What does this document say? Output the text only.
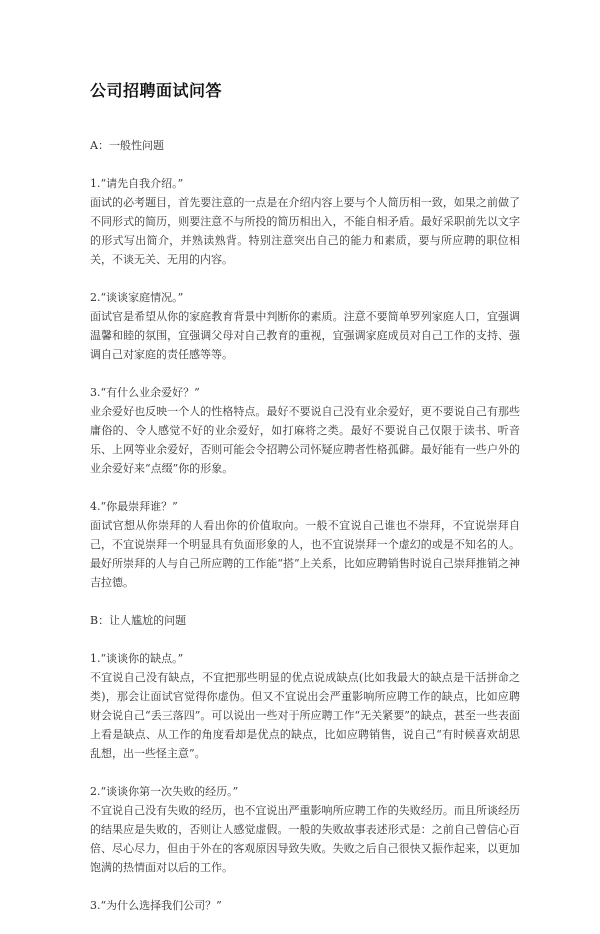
公司招聘面试问答
A：一般性问题
1.“请先自我介绍。”
面试的必考题目，首先要注意的一点是在介绍内容上要与个人简历相一致，如果之前做了不同形式的简历，则要注意不与所投的简历相出入，不能自相矛盾。最好采职前先以文字的形式写出简介，并熟读熟背。特别注意突出自己的能力和素质，要与所应聘的职位相关，不谈无关、无用的内容。
2.“谈谈家庭情况。”
面试官是希望从你的家庭教育背景中判断你的素质。注意不要简单罗列家庭人口，宜强调温馨和睦的氛围，宜强调父母对自己教育的重视，宜强调家庭成员对自己工作的支持、强调自己对家庭的责任感等等。
3.“有什么业余爱好？”
业余爱好也反映一个人的性格特点。最好不要说自己没有业余爱好，更不要说自己有那些庸俗的、令人感觉不好的业余爱好，如打麻将之类。最好不要说自己仅限于读书、听音乐、上网等业余爱好，否则可能会令招聘公司怀疑应聘者性格孤僻。最好能有一些户外的业余爱好来“点缀”你的形象。
4.“你最崇拜谁？”
面试官想从你崇拜的人看出你的价值取向。一般不宜说自己谁也不崇拜，不宜说崇拜自己，不宜说崇拜一个明显具有负面形象的人，也不宜说崇拜一个虚幻的或是不知名的人。最好所崇拜的人与自己所应聘的工作能“搭”上关系，比如应聘销售时说自己崇拜推销之神吉拉德。
B：让人尴尬的问题
1.“谈谈你的缺点。”
不宜说自己没有缺点，不宜把那些明显的优点说成缺点(比如我最大的缺点是干活拼命之类)，那会让面试官觉得你虚伪。但又不宜说出会严重影响所应聘工作的缺点，比如应聘财会说自己“丢三落四”。可以说出一些对于所应聘工作“无关紧要”的缺点，甚至一些表面上看是缺点、从工作的角度看却是优点的缺点，比如应聘销售，说自己“有时候喜欢胡思乱想，出一些怪主意”。
2.“谈谈你第一次失败的经历。”
不宜说自己没有失败的经历，也不宜说出严重影响所应聘工作的失败经历。而且所谈经历的结果应是失败的，否则让人感觉虚假。一般的失败故事表述形式是：之前自己曾信心百倍、尽心尽力，但由于外在的客观原因导致失败。失败之后自己很快又振作起来，以更加饱满的热情面对以后的工作。
3.“为什么选择我们公司？”
